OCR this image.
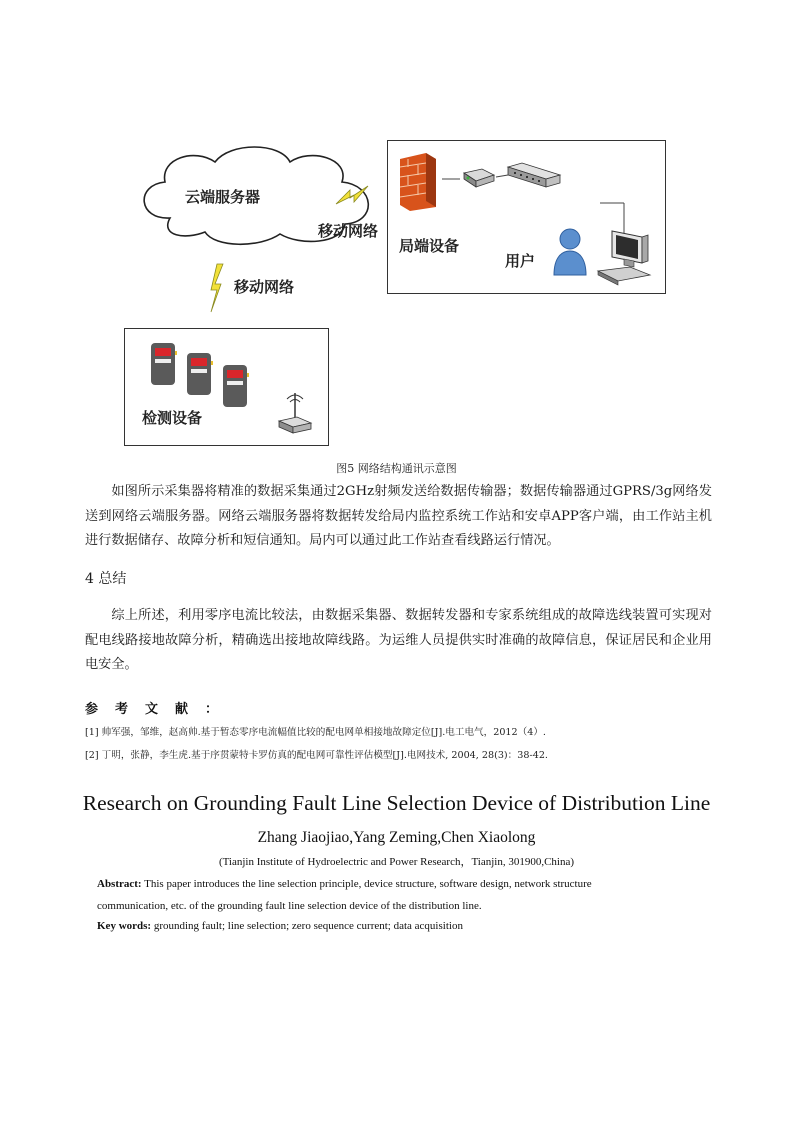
云端服务器
移动网络
移动网络
局端设备
用户
检测设备
图5 网络结构通讯示意图
如图所示采集器将精准的数据采集通过2GHz射频发送给数据传输器；数据传输器通过GPRS/3g网络发送到网络云端服务器。网络云端服务器将数据转发给局内监控系统工作站和安卓APP客户端，由工作站主机进行数据储存、故障分析和短信通知。局内可以通过此工作站查看线路运行情况。
4 总结
综上所述，利用零序电流比较法，由数据采集器、数据转发器和专家系统组成的故障选线装置可实现对配电线路接地故障分析，精确选出接地故障线路。为运维人员提供实时准确的故障信息，保证居民和企业用电安全。
参考文献：
[1] 帅军强，邹维，赵高帅.基于暂态零序电流幅值比较的配电网单相接地故障定位[J].电工电气，2012（4）.
[2] 丁明，张静，李生虎.基于序贯蒙特卡罗仿真的配电网可靠性评估模型[J].电网技术, 2004, 28(3)：38-42.
Research on Grounding Fault Line Selection Device of Distribution Line
Zhang Jiaojiao,Yang Zeming,Chen Xiaolong
(Tianjin Institute of Hydroelectric and Power Research，Tianjin, 301900,China)
Abstract: This paper introduces the line selection principle, device structure, software design, network structure communication, etc. of the grounding fault line selection device of the distribution line.
Key words: grounding fault; line selection; zero sequence current; data acquisition
